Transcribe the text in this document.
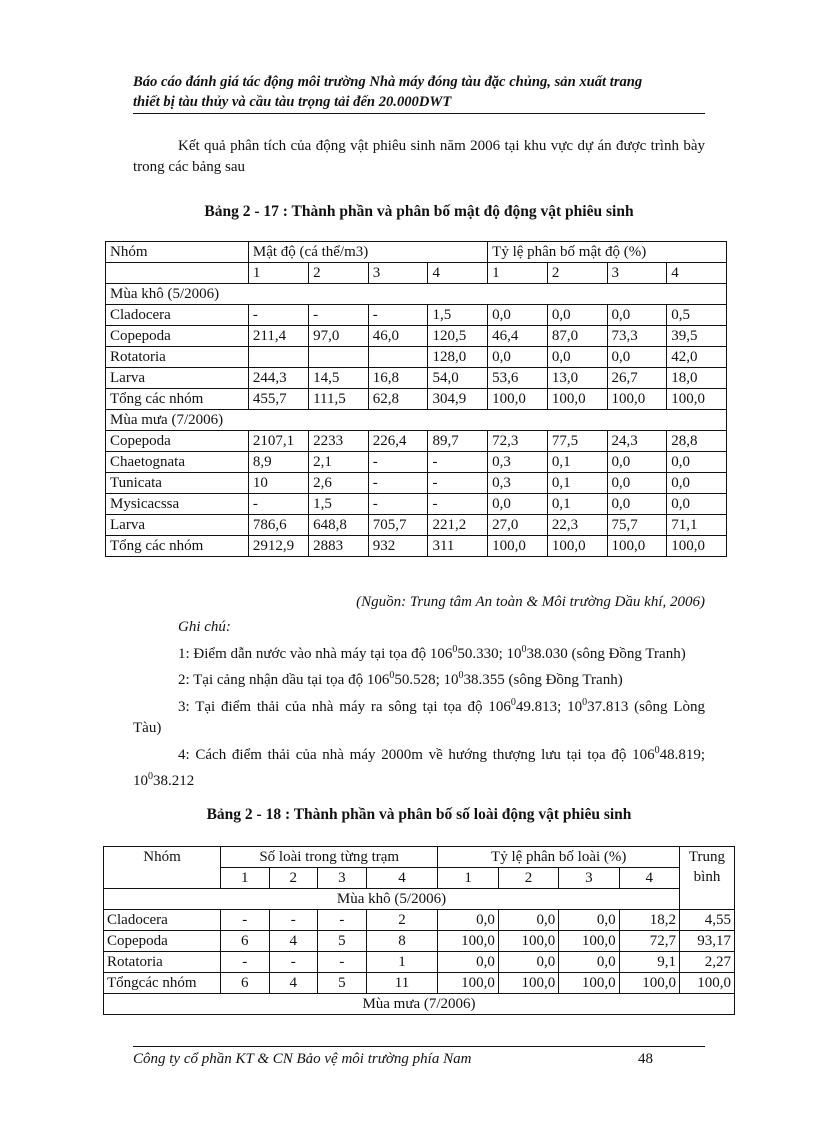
Báo cáo đánh giá tác động môi trường Nhà máy đóng tàu đặc chủng, sản xuất trang
thiết bị tàu thủy và cầu tàu trọng tải đến 20.000DWT
Kết quả phân tích của động vật phiêu sinh năm 2006 tại khu vực dự án được trình bày trong các bảng sau
Bảng 2 - 17 : Thành phần và phân bố mật độ động vật phiêu sinh
Nhóm	Mật độ (cá thể/m3)				Tỷ lệ phân bố mật độ (%)			
	1	2	3	4	1	2	3	4
Mùa khô (5/2006)								
Cladocera	-	-	-	1,5	0,0	0,0	0,0	0,5
Copepoda	211,4	97,0	46,0	120,5	46,4	87,0	73,3	39,5
Rotatoria				128,0	0,0	0,0	0,0	42,0
Larva	244,3	14,5	16,8	54,0	53,6	13,0	26,7	18,0
Tổng các nhóm	455,7	111,5	62,8	304,9	100,0	100,0	100,0	100,0
Mùa mưa (7/2006)								
Copepoda	2107,1	2233	226,4	89,7	72,3	77,5	24,3	28,8
Chaetognata	8,9	2,1	-	-	0,3	0,1	0,0	0,0
Tunicata	10	2,6	-	-	0,3	0,1	0,0	0,0
Mysicacssa	-	1,5	-	-	0,0	0,1	0,0	0,0
Larva	786,6	648,8	705,7	221,2	27,0	22,3	75,7	71,1
Tổng các nhóm	2912,9	2883	932	311	100,0	100,0	100,0	100,0
(Nguồn: Trung tâm An toàn & Môi trường Dầu khí, 2006)
Ghi chú:
1: Điểm dẫn nước vào nhà máy tại tọa độ $106^050.330$; $10^038.030$ (sông Đồng Tranh)
2: Tại cảng nhận dầu tại tọa độ $106^050.528$; $10^038.355$ (sông Đồng Tranh)
3: Tại điểm thải của nhà máy ra sông tại tọa độ $106^049.813$; $10^037.813$ (sông Lòng Tàu)
4: Cách điểm thải của nhà máy 2000m về hướng thượng lưu tại tọa độ $106^048.819$; $10^038.212$
Bảng 2 - 18 : Thành phần và phân bố số loài động vật phiêu sinh
Nhóm	Số loài trong từng trạm				Tỷ lệ phân bố loài (%)				Trung bình
	1	2	3	4	1	2	3	4	
Mùa khô (5/2006)									
Cladocera	-	-	-	2	0,0	0,0	0,0	18,2	4,55
Copepoda	6	4	5	8	100,0	100,0	100,0	72,7	93,17
Rotatoria	-	-	-	1	0,0	0,0	0,0	9,1	2,27
Tổngcác nhóm	6	4	5	11	100,0	100,0	100,0	100,0	100,0
Mùa mưa (7/2006)									
Công ty cổ phần KT & CN Bảo vệ môi trường phía Nam	48
